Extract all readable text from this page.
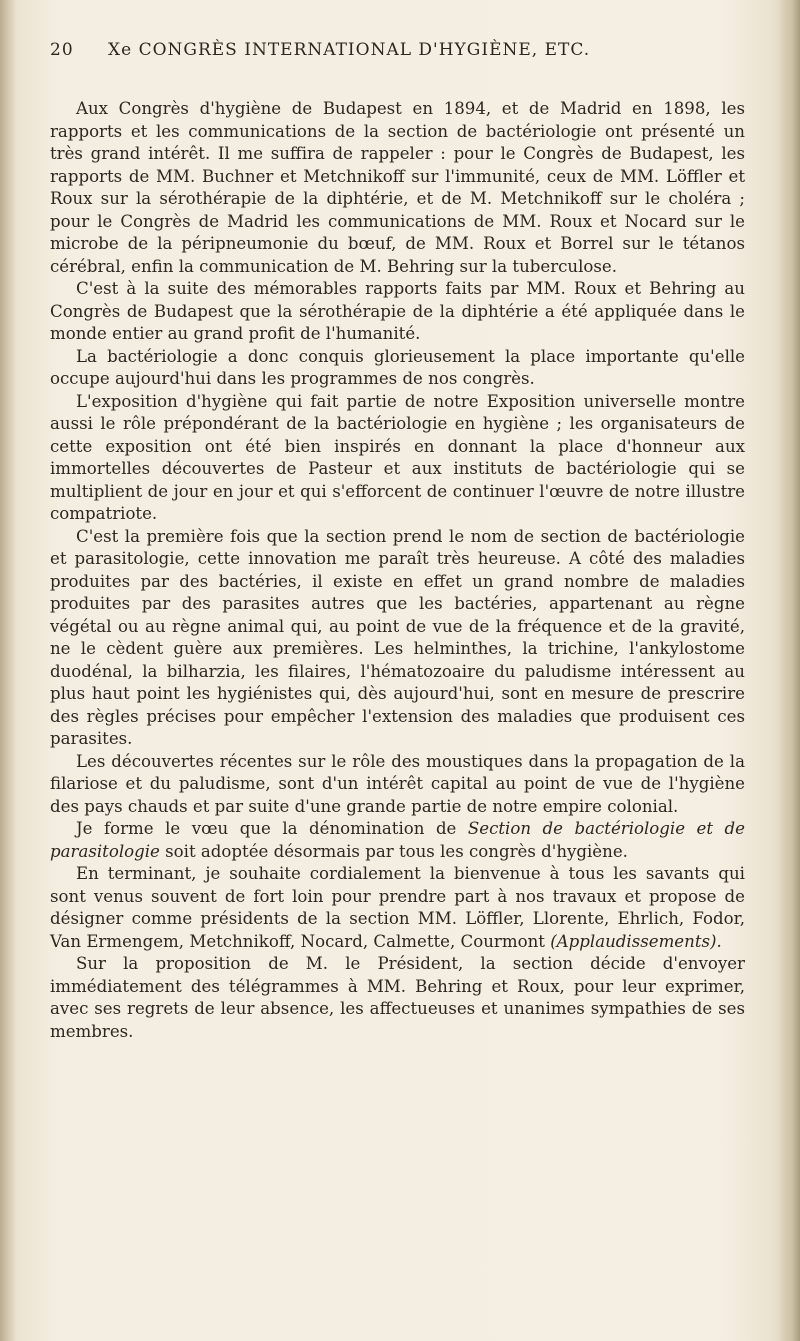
20 Xe CONGRÈS INTERNATIONAL D'HYGIÈNE, ETC.

Aux Congrès d'hygiène de Budapest en 1894, et de Madrid en 1898, les rapports et les communications de la section de bactériologie ont présenté un très grand intérêt. Il me suffira de rappeler : pour le Congrès de Budapest, les rapports de MM. Buchner et Metchnikoff sur l'immunité, ceux de MM. Löffler et Roux sur la sérothérapie de la diphtérie, et de M. Metchnikoff sur le choléra ; pour le Congrès de Madrid les communications de MM. Roux et Nocard sur le microbe de la péripneumonie du bœuf, de MM. Roux et Borrel sur le tétanos cérébral, enfin la communication de M. Behring sur la tuberculose.

C'est à la suite des mémorables rapports faits par MM. Roux et Behring au Congrès de Budapest que la sérothérapie de la diphtérie a été appliquée dans le monde entier au grand profit de l'humanité.

La bactériologie a donc conquis glorieusement la place importante qu'elle occupe aujourd'hui dans les programmes de nos congrès.

L'exposition d'hygiène qui fait partie de notre Exposition universelle montre aussi le rôle prépondérant de la bactériologie en hygiène ; les organisateurs de cette exposition ont été bien inspirés en donnant la place d'honneur aux immortelles découvertes de Pasteur et aux instituts de bactériologie qui se multiplient de jour en jour et qui s'efforcent de continuer l'œuvre de notre illustre compatriote.

C'est la première fois que la section prend le nom de section de bactériologie et parasitologie, cette innovation me paraît très heureuse. A côté des maladies produites par des bactéries, il existe en effet un grand nombre de maladies produites par des parasites autres que les bactéries, appartenant au règne végétal ou au règne animal qui, au point de vue de la fréquence et de la gravité, ne le cèdent guère aux premières. Les helminthes, la trichine, l'ankylostome duodénal, la bilharzia, les filaires, l'hématozoaire du paludisme intéressent au plus haut point les hygiénistes qui, dès aujourd'hui, sont en mesure de prescrire des règles précises pour empêcher l'extension des maladies que produisent ces parasites.

Les découvertes récentes sur le rôle des moustiques dans la propagation de la filariose et du paludisme, sont d'un intérêt capital au point de vue de l'hygiène des pays chauds et par suite d'une grande partie de notre empire colonial.

Je forme le vœu que la dénomination de Section de bactériologie et de parasitologie soit adoptée désormais par tous les congrès d'hygiène.

En terminant, je souhaite cordialement la bienvenue à tous les savants qui sont venus souvent de fort loin pour prendre part à nos travaux et propose de désigner comme présidents de la section MM. Löffler, Llorente, Ehrlich, Fodor, Van Ermengem, Metchnikoff, Nocard, Calmette, Courmont (Applaudissements).

Sur la proposition de M. le Président, la section décide d'envoyer immédiatement des télégrammes à MM. Behring et Roux, pour leur exprimer, avec ses regrets de leur absence, les affectueuses et unanimes sympathies de ses membres.
